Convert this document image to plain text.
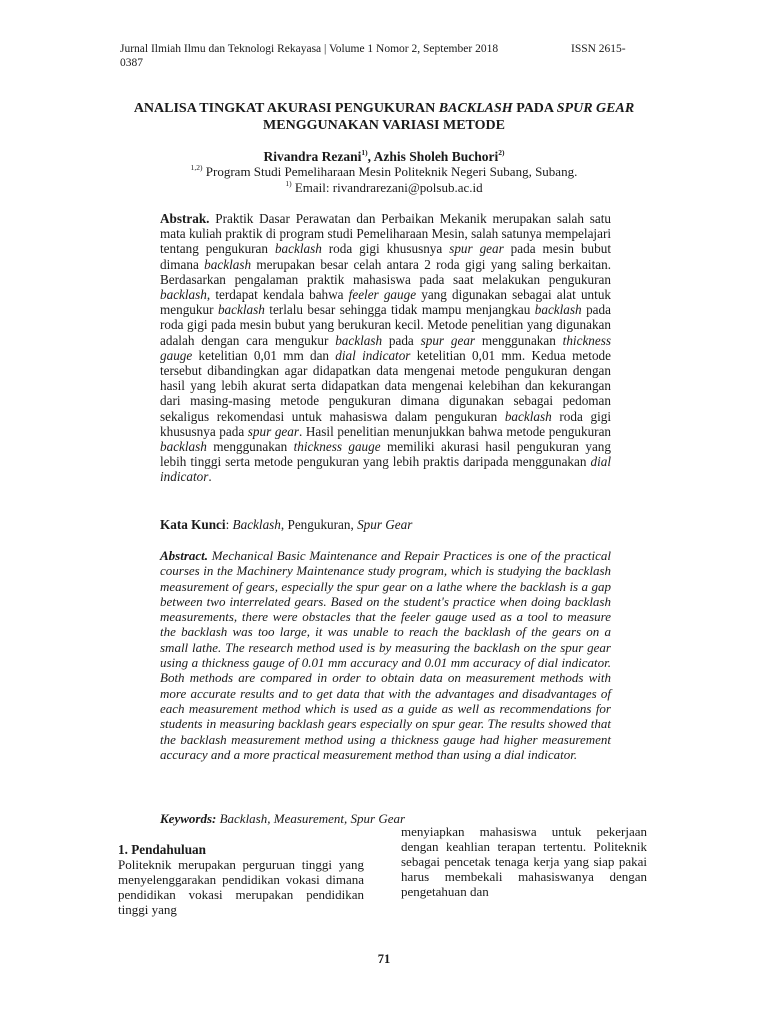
Jurnal Ilmiah Ilmu dan Teknologi Rekayasa | Volume 1 Nomor 2, September 2018	ISSN 2615-

0387
ANALISA TINGKAT AKURASI PENGUKURAN BACKLASH PADA SPUR GEAR
MENGGUNAKAN VARIASI METODE
Rivandra Rezani$^{1)}$, Azhis Sholeh Buchori$^{2)}$
$^{1,2)}$ Program Studi Pemeliharaan Mesin Politeknik Negeri Subang, Subang.
$^{1)}$ Email: rivandrarezani@polsub.ac.id
Abstrak. Praktik Dasar Perawatan dan Perbaikan Mekanik merupakan salah satu mata kuliah praktik di program studi Pemeliharaan Mesin, salah satunya mempelajari tentang pengukuran backlash roda gigi khususnya spur gear pada mesin bubut dimana backlash merupakan besar celah antara 2 roda gigi yang saling berkaitan. Berdasarkan pengalaman praktik mahasiswa pada saat melakukan pengukuran backlash, terdapat kendala bahwa feeler gauge yang digunakan sebagai alat untuk mengukur backlash terlalu besar sehingga tidak mampu menjangkau backlash pada roda gigi pada mesin bubut yang berukuran kecil. Metode penelitian yang digunakan adalah dengan cara mengukur backlash pada spur gear menggunakan thickness gauge ketelitian 0,01 mm dan dial indicator ketelitian 0,01 mm. Kedua metode tersebut dibandingkan agar didapatkan data mengenai metode pengukuran dengan hasil yang lebih akurat serta didapatkan data mengenai kelebihan dan kekurangan dari masing-masing metode pengukuran dimana digunakan sebagai pedoman sekaligus rekomendasi untuk mahasiswa dalam pengukuran backlash roda gigi khususnya pada spur gear. Hasil penelitian menunjukkan bahwa metode pengukuran backlash menggunakan thickness gauge memiliki akurasi hasil pengukuran yang lebih tinggi serta metode pengukuran yang lebih praktis daripada menggunakan dial indicator.
Kata Kunci: Backlash, Pengukuran, Spur Gear
Abstract. Mechanical Basic Maintenance and Repair Practices is one of the practical courses in the Machinery Maintenance study program, which is studying the backlash measurement of gears, especially the spur gear on a lathe where the backlash is a gap between two interrelated gears. Based on the student's practice when doing backlash measurements, there were obstacles that the feeler gauge used as a tool to measure the backlash was too large, it was unable to reach the backlash of the gears on a small lathe. The research method used is by measuring the backlash on the spur gear using a thickness gauge of 0.01 mm accuracy and 0.01 mm accuracy of dial indicator. Both methods are compared in order to obtain data on measurement methods with more accurate results and to get data that with the advantages and disadvantages of each measurement method which is used as a guide as well as recommendations for students in measuring backlash gears especially on spur gear. The results showed that the backlash measurement method using a thickness gauge had higher measurement accuracy and a more practical measurement method than using a dial indicator.
Keywords: Backlash, Measurement, Spur Gear

1. Pendahuluan

Politeknik merupakan perguruan tinggi yang menyelenggarakan pendidikan vokasi dimana pendidikan vokasi merupakan pendidikan tinggi yang

menyiapkan mahasiswa untuk pekerjaan dengan keahlian terapan tertentu. Politeknik sebagai pencetak tenaga kerja yang siap pakai harus membekali mahasiswanya dengan pengetahuan dan

71
